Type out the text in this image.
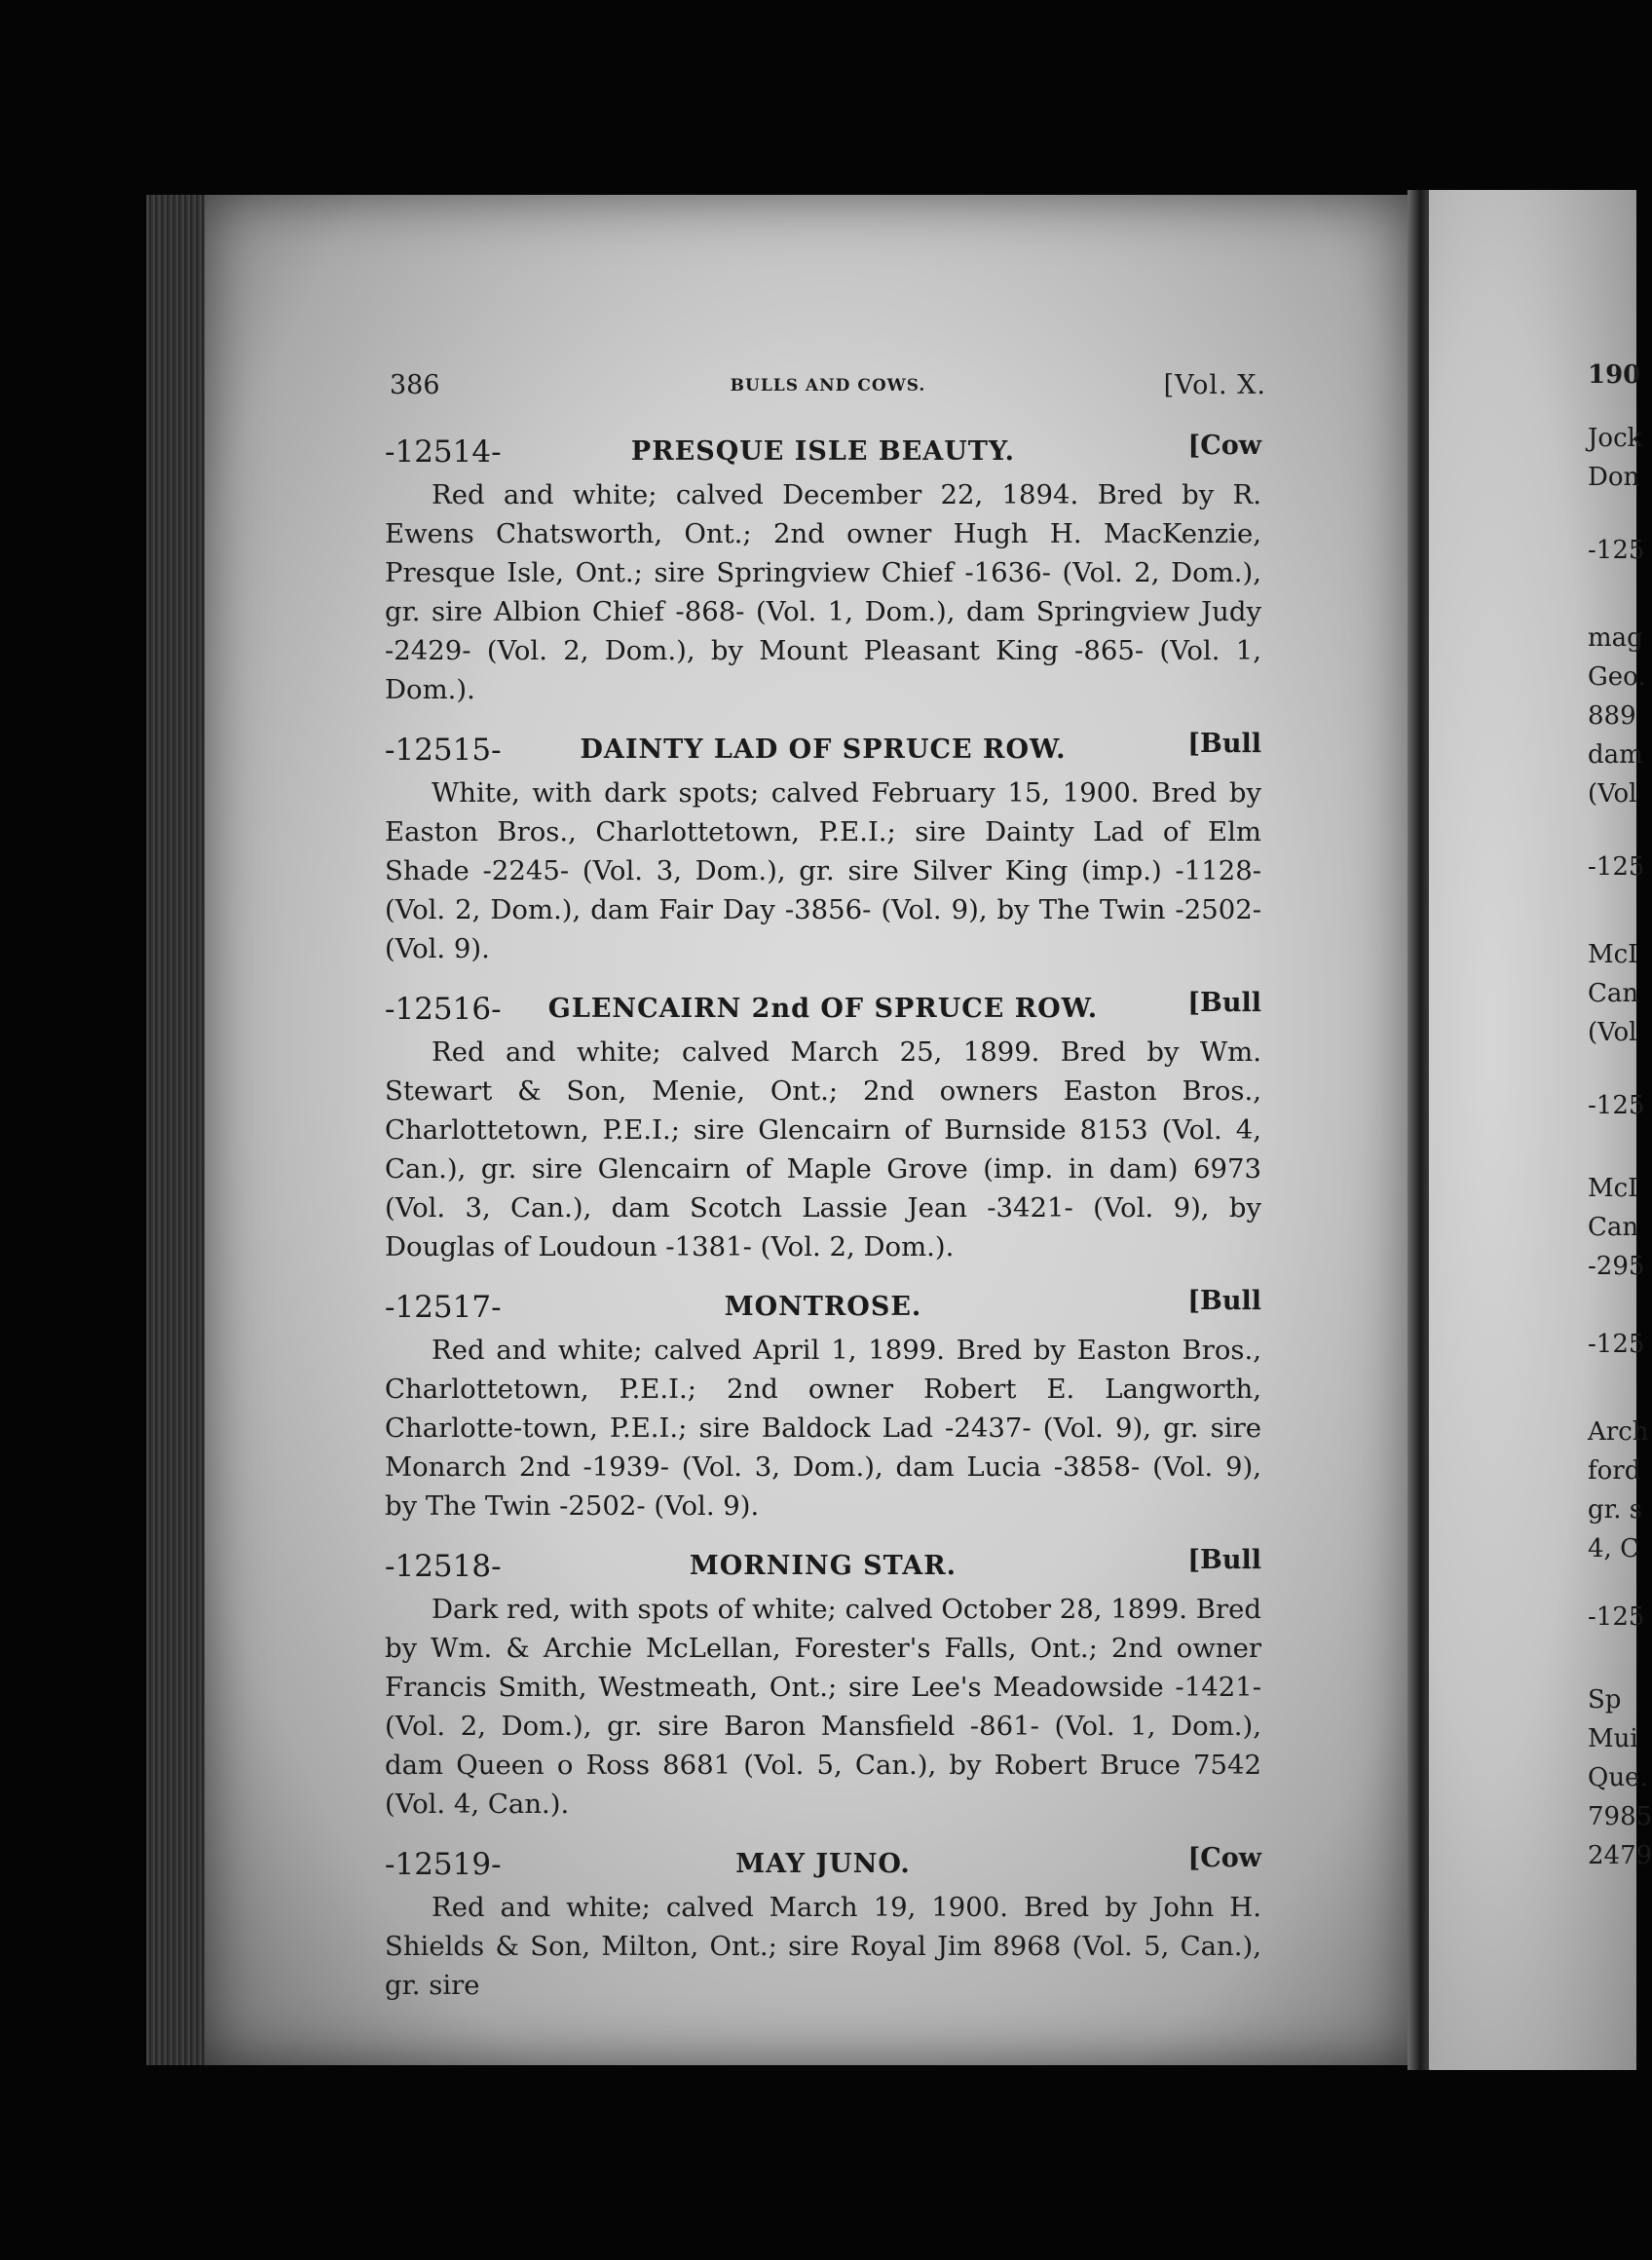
386	BULLS AND COWS.	[Vol. X.
-12514-	PRESQUE ISLE BEAUTY.	[Cow

Red and white; calved December 22, 1894. Bred by R. Ewens Chatsworth, Ont.; 2nd owner Hugh H. MacKenzie, Presque Isle, Ont.; sire Springview Chief -1636- (Vol. 2, Dom.), gr. sire Albion Chief -868- (Vol. 1, Dom.), dam Springview Judy -2429- (Vol. 2, Dom.), by Mount Pleasant King -865- (Vol. 1, Dom.).

-12515-	DAINTY LAD OF SPRUCE ROW.	[Bull

White, with dark spots; calved February 15, 1900. Bred by Easton Bros., Charlottetown, P.E.I.; sire Dainty Lad of Elm Shade -2245- (Vol. 3, Dom.), gr. sire Silver King (imp.) -1128- (Vol. 2, Dom.), dam Fair Day -3856- (Vol. 9), by The Twin -2502- (Vol. 9).

-12516-	GLENCAIRN 2nd OF SPRUCE ROW.	[Bull

Red and white; calved March 25, 1899. Bred by Wm. Stewart & Son, Menie, Ont.; 2nd owners Easton Bros., Charlottetown, P.E.I.; sire Glencairn of Burnside 8153 (Vol. 4, Can.), gr. sire Glencairn of Maple Grove (imp. in dam) 6973 (Vol. 3, Can.), dam Scotch Lassie Jean -3421- (Vol. 9), by Douglas of Loudoun -1381- (Vol. 2, Dom.).

-12517-	MONTROSE.	[Bull

Red and white; calved April 1, 1899. Bred by Easton Bros., Charlottetown, P.E.I.; 2nd owner Robert E. Langworth, Charlotte-town, P.E.I.; sire Baldock Lad -2437- (Vol. 9), gr. sire Monarch 2nd -1939- (Vol. 3, Dom.), dam Lucia -3858- (Vol. 9), by The Twin -2502- (Vol. 9).

-12518-	MORNING STAR.	[Bull

Dark red, with spots of white; calved October 28, 1899. Bred by Wm. & Archie McLellan, Forester's Falls, Ont.; 2nd owner Francis Smith, Westmeath, Ont.; sire Lee's Meadowside -1421- (Vol. 2, Dom.), gr. sire Baron Mansfield -861- (Vol. 1, Dom.), dam Queen o Ross 8681 (Vol. 5, Can.), by Robert Bruce 7542 (Vol. 4, Can.).

-12519-	MAY JUNO.	[Cow

Red and white; calved March 19, 1900. Bred by John H. Shields & Son, Milton, Ont.; sire Royal Jim 8968 (Vol. 5, Can.), gr. sire

190
Jock
Don
-125
mag
Geo.
889
dam
(Vol
-125
McI
Can
(Vol
-125
McI
Can
-295
-125
Arch
ford
gr. s
4, C
-125
Sp
Mui
Que.
7985
2479
